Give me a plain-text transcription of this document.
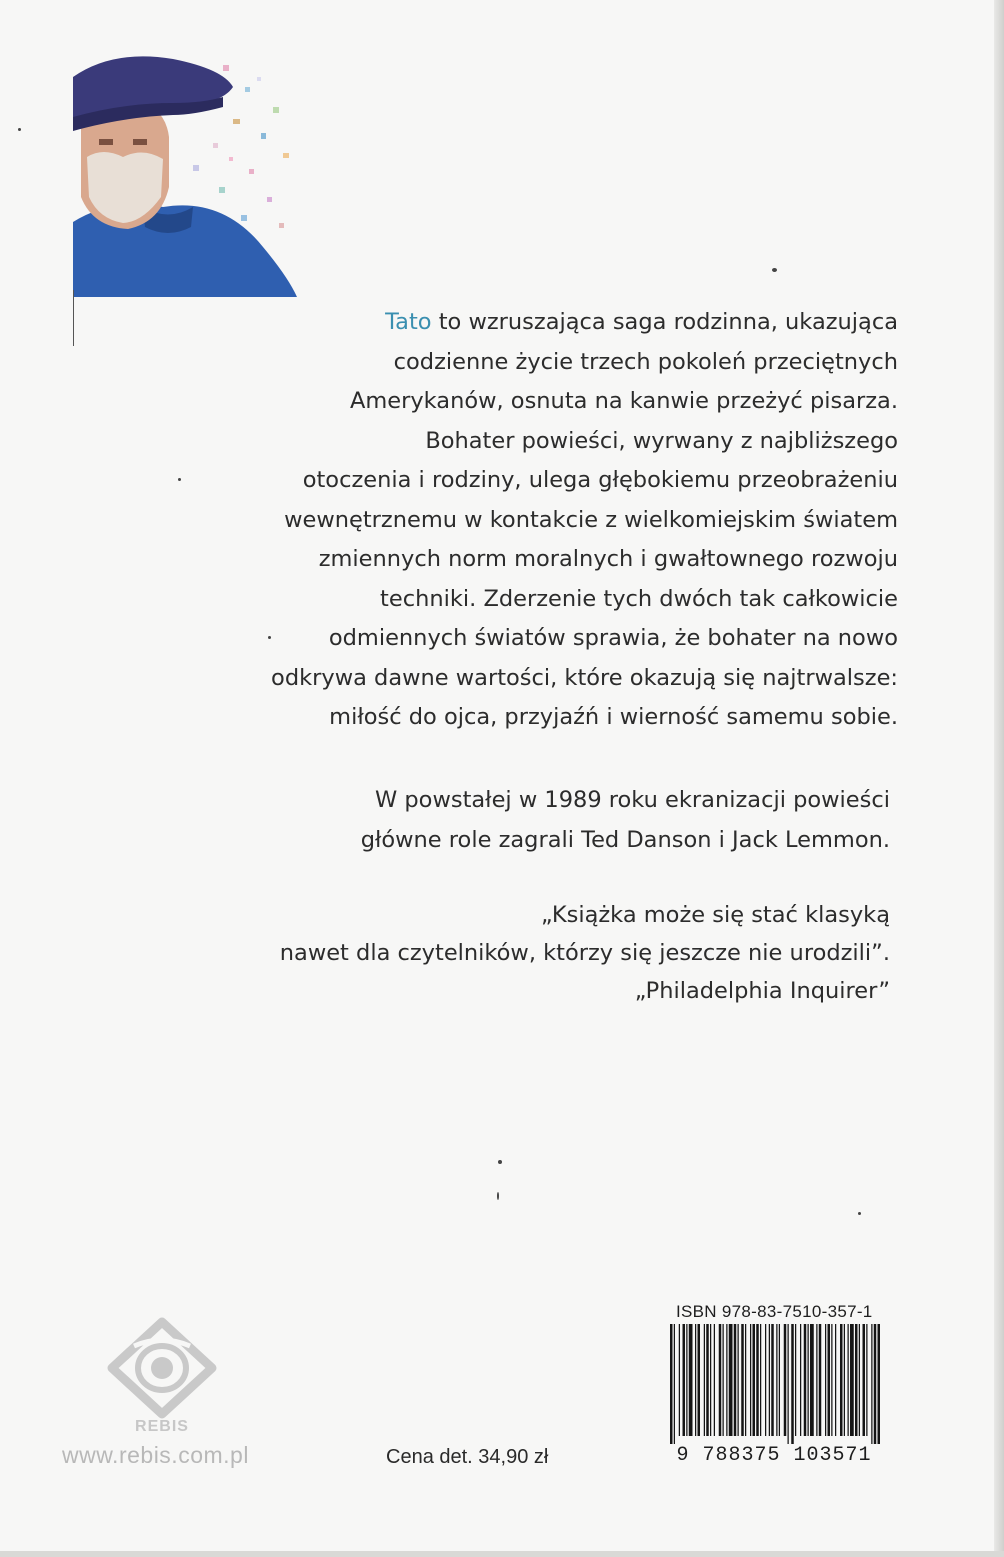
Tato to wzruszająca saga rodzinna, ukazująca
codzienne życie trzech pokoleń przeciętnych
Amerykanów, osnuta na kanwie przeżyć pisarza.
Bohater powieści, wyrwany z najbliższego
otoczenia i rodziny, ulega głębokiemu przeobrażeniu
wewnętrznemu w kontakcie z wielkomiejskim światem
zmiennych norm moralnych i gwałtownego rozwoju
techniki. Zderzenie tych dwóch tak całkowicie
odmiennych światów sprawia, że bohater na nowo
odkrywa dawne wartości, które okazują się najtrwalsze:
miłość do ojca, przyjaźń i wierność samemu sobie.
W powstałej w 1989 roku ekranizacji powieści
główne role zagrali Ted Danson i Jack Lemmon.
„Książka może się stać klasyką
nawet dla czytelników, którzy się jeszcze nie urodzili”.
„Philadelphia Inquirer”
REBIS
www.rebis.com.pl	Cena det. 34,90 zł
ISBN 978-83-7510-357-1
9 788375 103571
